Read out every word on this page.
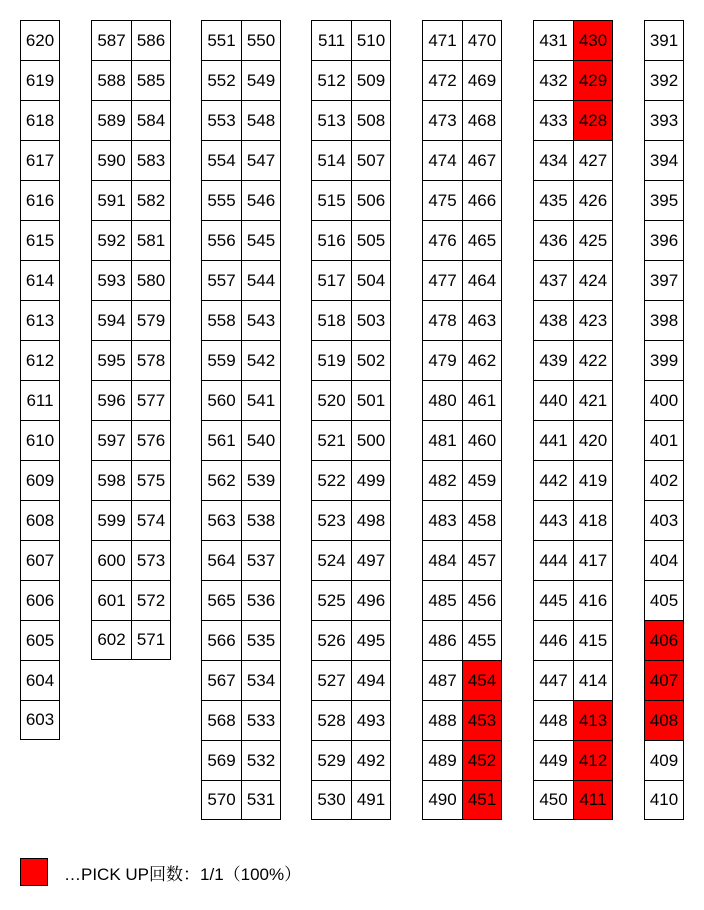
620
619
618
617
616
615
614
613
612
611
610
609
608
607
606
605
604
603
587 586
588 585
589 584
590 583
591 582
592 581
593 580
594 579
595 578
596 577
597 576
598 575
599 574
600 573
601 572
602 571
551 550
552 549
553 548
554 547
555 546
556 545
557 544
558 543
559 542
560 541
561 540
562 539
563 538
564 537
565 536
566 535
567 534
568 533
569 532
570 531
511 510
512 509
513 508
514 507
515 506
516 505
517 504
518 503
519 502
520 501
521 500
522 499
523 498
524 497
525 496
526 495
527 494
528 493
529 492
530 491
471 470
472 469
473 468
474 467
475 466
476 465
477 464
478 463
479 462
480 461
481 460
482 459
483 458
484 457
485 456
486 455
487 454
488 453
489 452
490 451
431 430
432 429
433 428
434 427
435 426
436 425
437 424
438 423
439 422
440 421
441 420
442 419
443 418
444 417
445 416
446 415
447 414
448 413
449 412
450 411
391
392
393
394
395
396
397
398
399
400
401
402
403
404
405
406
407
408
409
410
…PICK UP回数：1/1（100%）
